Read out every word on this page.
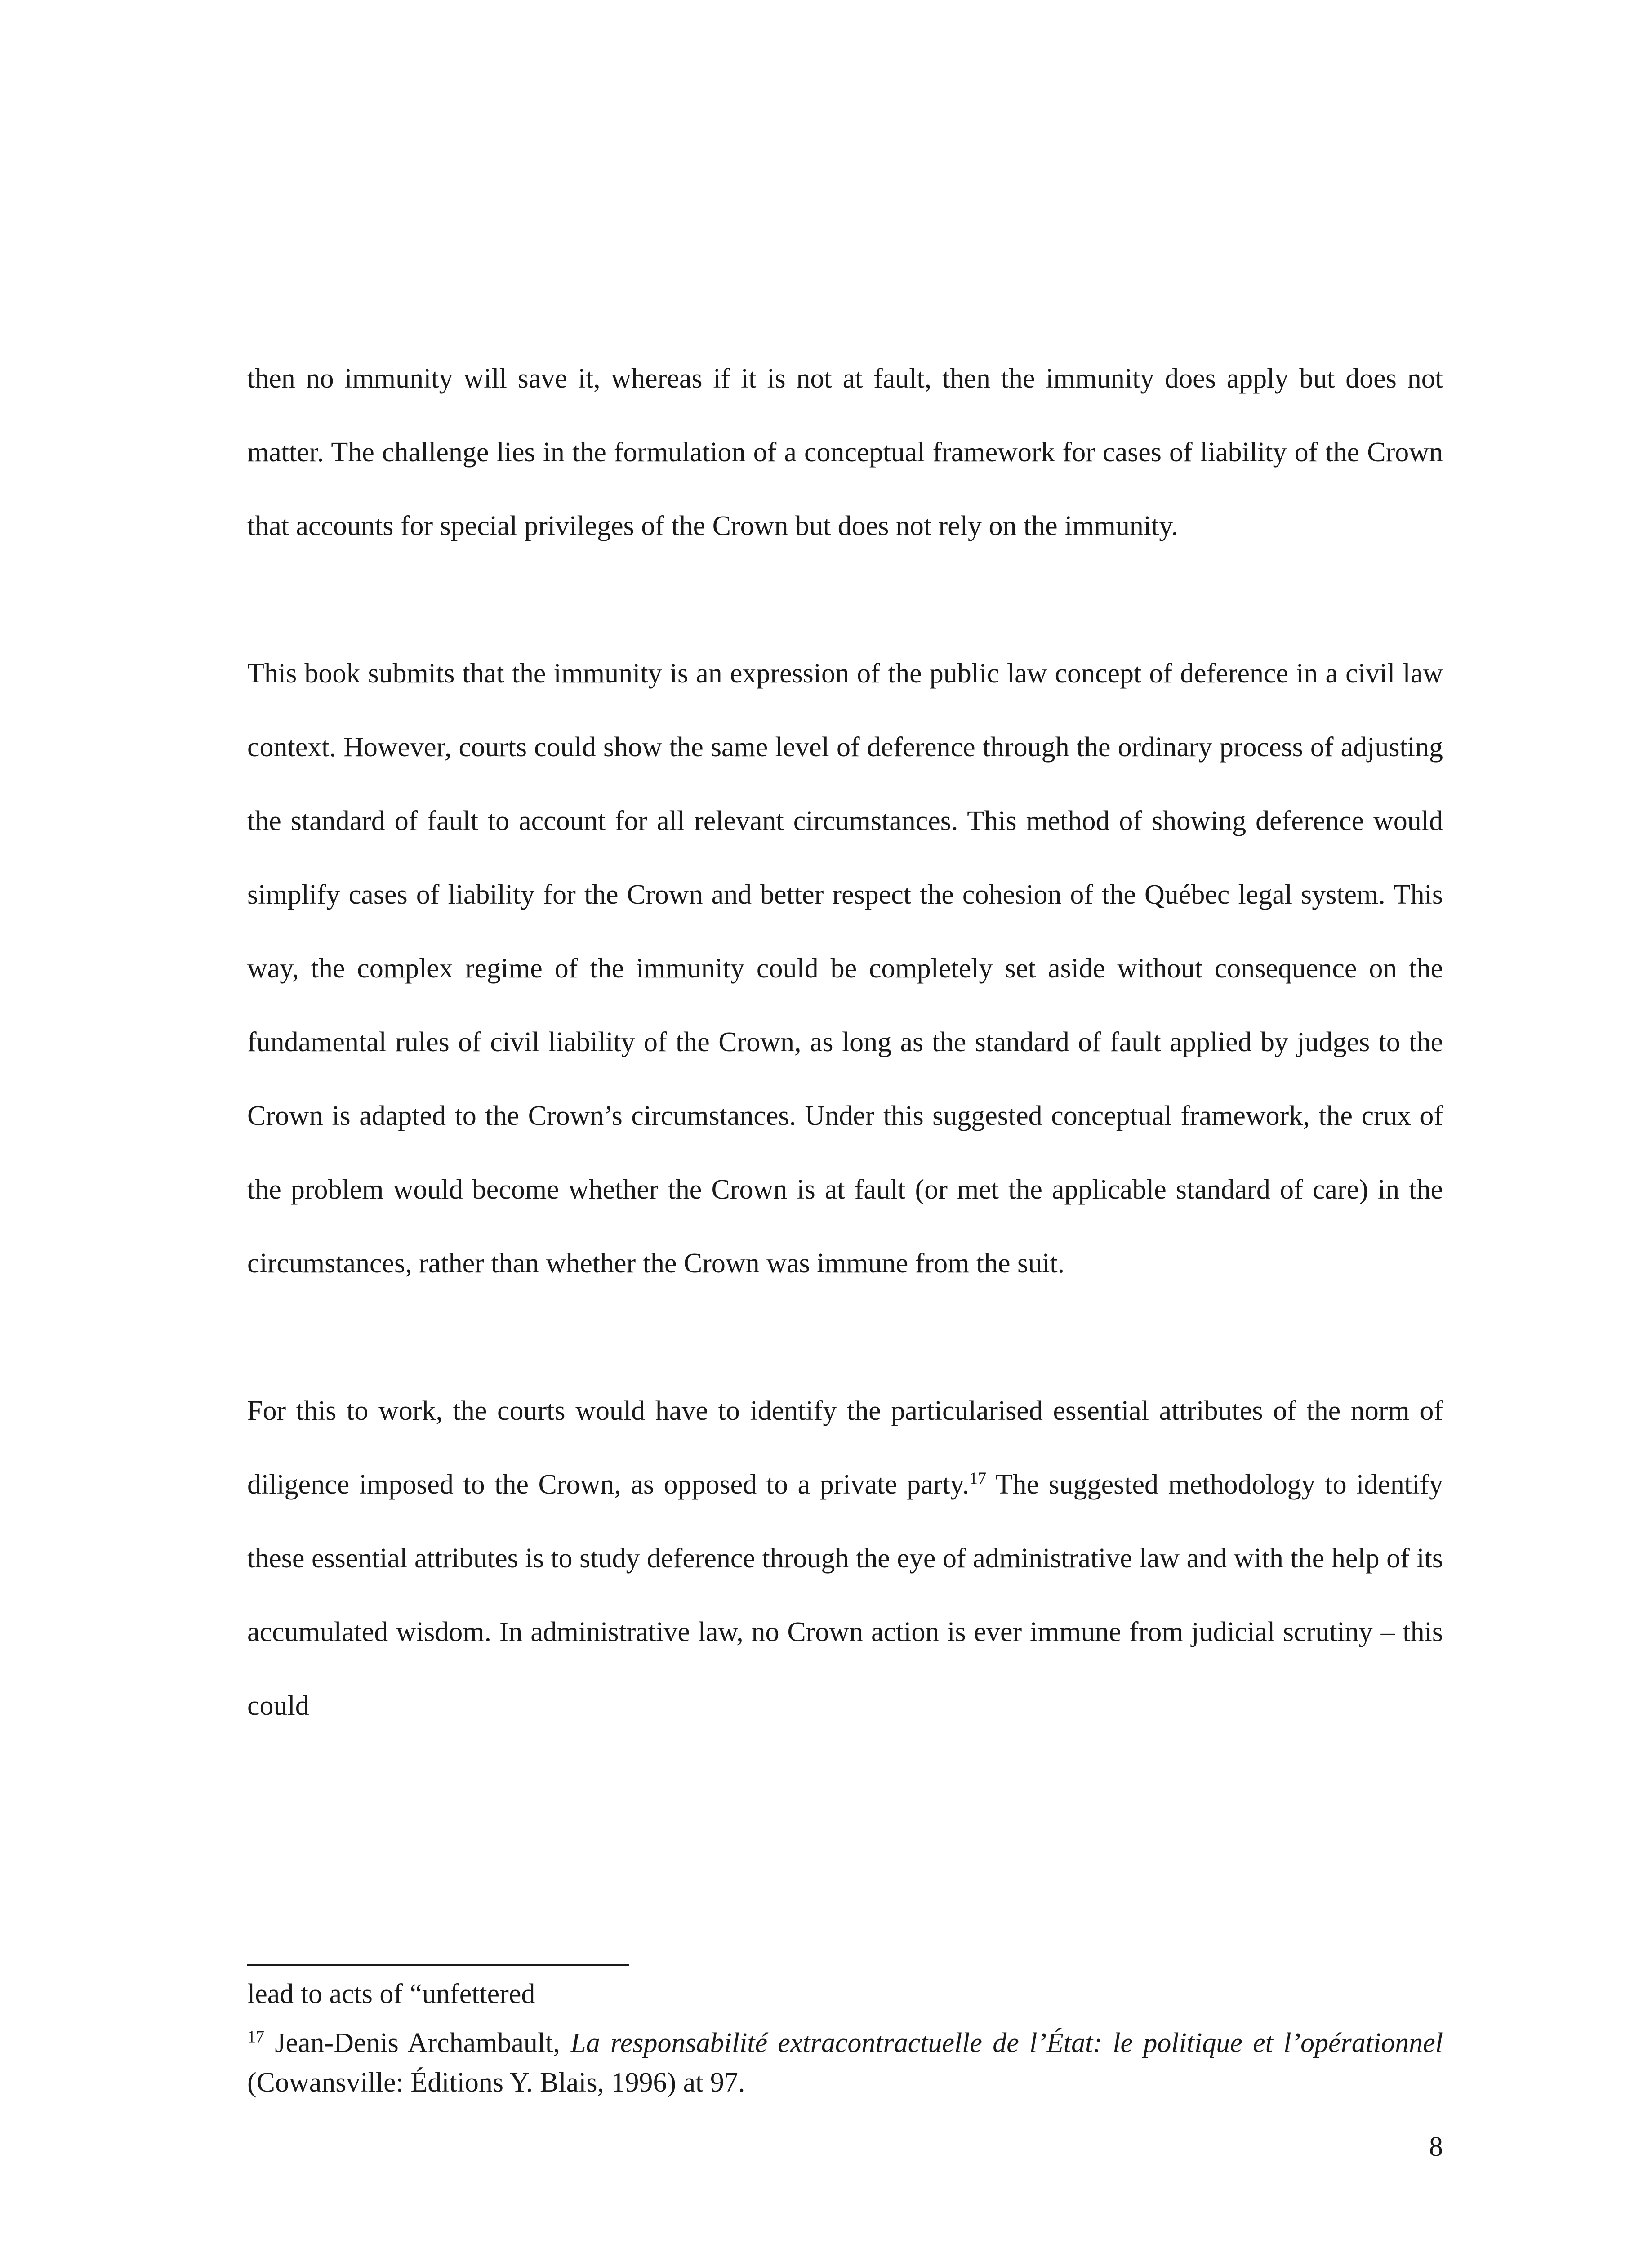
then no immunity will save it, whereas if it is not at fault, then the immunity does apply but does not matter. The challenge lies in the formulation of a conceptual framework for cases of liability of the Crown that accounts for special privileges of the Crown but does not rely on the immunity.

This book submits that the immunity is an expression of the public law concept of deference in a civil law context. However, courts could show the same level of deference through the ordinary process of adjusting the standard of fault to account for all relevant circumstances. This method of showing deference would simplify cases of liability for the Crown and better respect the cohesion of the Québec legal system. This way, the complex regime of the immunity could be completely set aside without consequence on the fundamental rules of civil liability of the Crown, as long as the standard of fault applied by judges to the Crown is adapted to the Crown’s circumstances. Under this suggested conceptual framework, the crux of the problem would become whether the Crown is at fault (or met the applicable standard of care) in the circumstances, rather than whether the Crown was immune from the suit.

For this to work, the courts would have to identify the particularised essential attributes of the norm of diligence imposed to the Crown, as opposed to a private party.$^{17}$ The suggested methodology to identify these essential attributes is to study deference through the eye of administrative law and with the help of its accumulated wisdom. In administrative law, no Crown action is ever immune from judicial scrutiny – this could

lead to acts of “unfettered

$^{17}$ Jean-Denis Archambault, La responsabilité extracontractuelle de l’État: le politique et l’opérationnel (Cowansville: Éditions Y. Blais, 1996) at 97.

8
